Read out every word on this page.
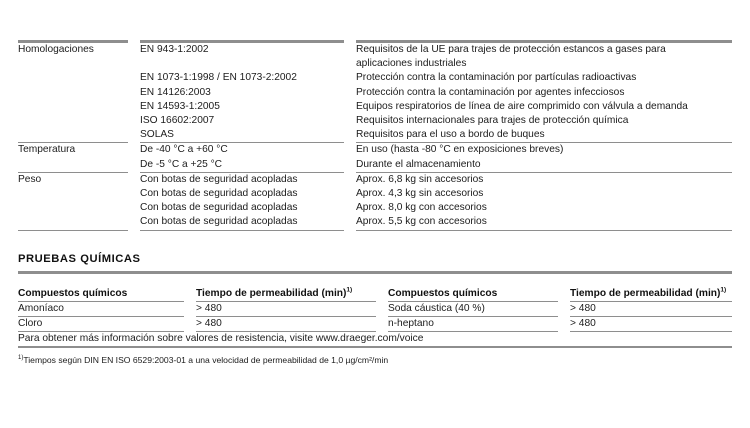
Homologaciones	EN 943-1:2002	Requisitos de la UE para trajes de protección estancos a gases para
		aplicaciones industriales
	EN 1073-1:1998 / EN 1073-2:2002	Protección contra la contaminación por partículas radioactivas
	EN 14126:2003	Protección contra la contaminación por agentes infecciosos
	EN 14593-1:2005	Equipos respiratorios de línea de aire comprimido con válvula a demanda
	ISO 16602:2007	Requisitos internacionales para trajes de protección química
	SOLAS	Requisitos para el uso a bordo de buques

Temperatura	De -40 °C a +60 °C	En uso (hasta -80 °C en exposiciones breves)
	De -5 °C a +25 °C	Durante el almacenamiento

Peso	Con botas de seguridad acopladas	Aprox. 6,8 kg sin accesorios
	Con botas de seguridad acopladas	Aprox. 4,3 kg sin accesorios
	Con botas de seguridad acopladas	Aprox. 8,0 kg con accesorios
	Con botas de seguridad acopladas	Aprox. 5,5 kg con accesorios

PRUEBAS QUÍMICAS
Compuestos químicos	Tiempo de permeabilidad $(\min)^{1)}$	Compuestos químicos	Tiempo de permeabilidad $(\min)^{1)}$

Amoníaco	> 480	Soda cáustica (40 %)	> 480

Cloro	> 480	n-heptano	> 480

Para obtener más información sobre valores de resistencia, visite www.draeger.com/voice			

$^{1)}$Tiempos según DIN EN ISO 6529:2003-01 a una velocidad de permeabilidad de 1,0 µg/cm²/min
